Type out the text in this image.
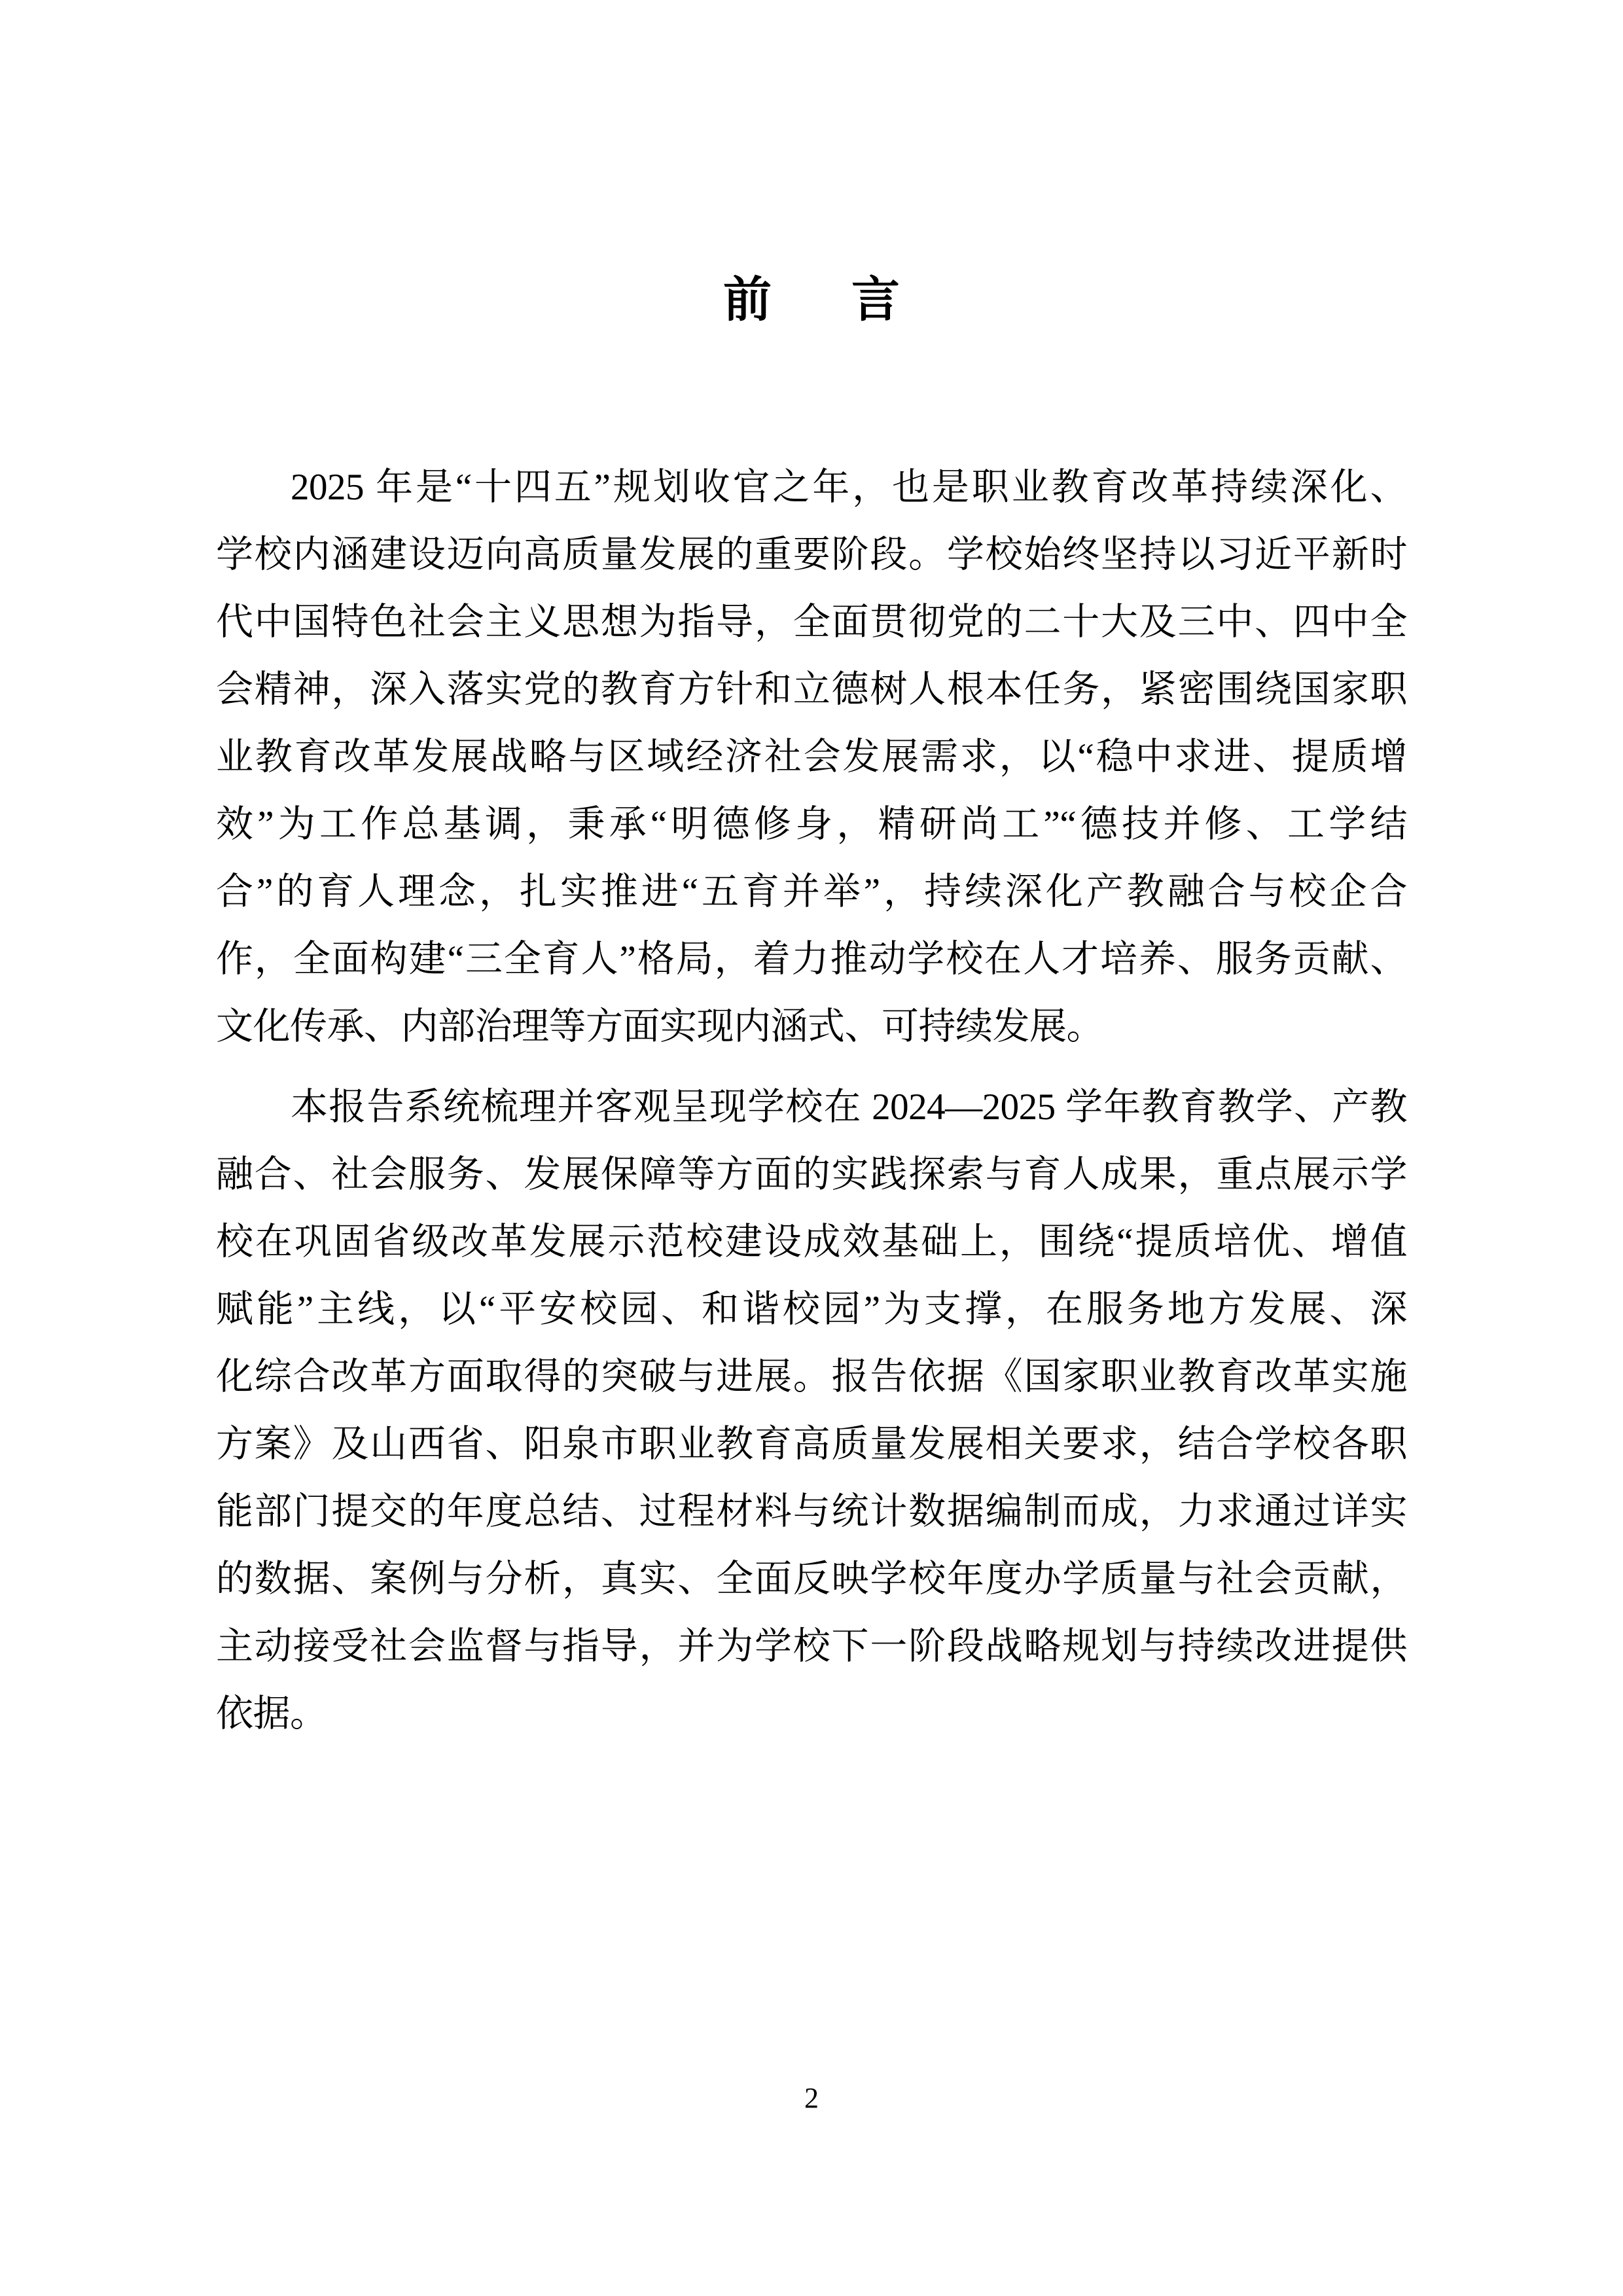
前 言
2025 年是“十四五”规划收官之年，也是职业教育改革持续深化、
学校内涵建设迈向高质量发展的重要阶段。学校始终坚持以习近平新时
代中国特色社会主义思想为指导，全面贯彻党的二十大及三中、四中全
会精神，深入落实党的教育方针和立德树人根本任务，紧密围绕国家职
业教育改革发展战略与区域经济社会发展需求，以“稳中求进、提质增
效”为工作总基调，秉承“明德修身，精研尚工”“德技并修、工学结
合”的育人理念，扎实推进“五育并举”，持续深化产教融合与校企合
作，全面构建“三全育人”格局，着力推动学校在人才培养、服务贡献、
文化传承、内部治理等方面实现内涵式、可持续发展。
本报告系统梳理并客观呈现学校在 2024—2025 学年教育教学、产教
融合、社会服务、发展保障等方面的实践探索与育人成果，重点展示学
校在巩固省级改革发展示范校建设成效基础上，围绕“提质培优、增值
赋能”主线，以“平安校园、和谐校园”为支撑，在服务地方发展、深
化综合改革方面取得的突破与进展。报告依据《国家职业教育改革实施
方案》及山西省、阳泉市职业教育高质量发展相关要求，结合学校各职
能部门提交的年度总结、过程材料与统计数据编制而成，力求通过详实
的数据、案例与分析，真实、全面反映学校年度办学质量与社会贡献，
主动接受社会监督与指导，并为学校下一阶段战略规划与持续改进提供
依据。
2
